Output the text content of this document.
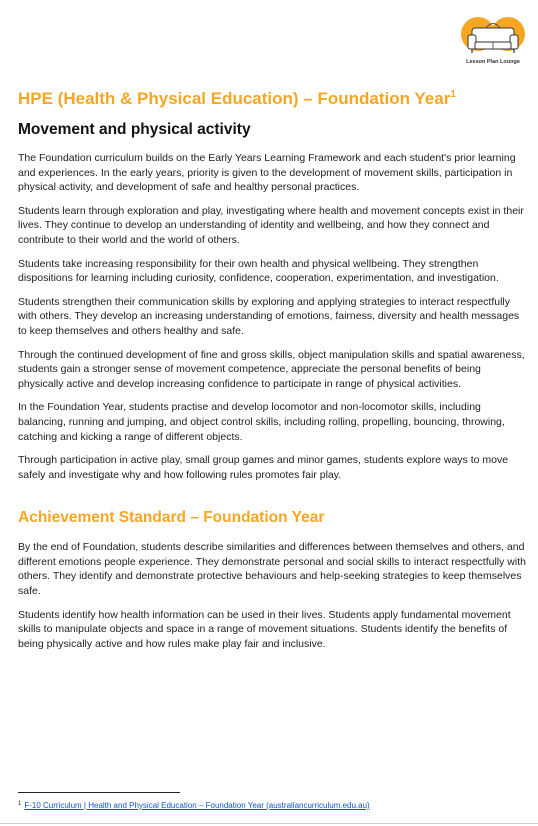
Lesson Plan Lounge
HPE (Health & Physical Education) – Foundation Year$^1$
Movement and physical activity

The Foundation curriculum builds on the Early Years Learning Framework and each student's prior learning and experiences. In the early years, priority is given to the development of movement skills, participation in physical activity, and development of safe and healthy personal practices.

Students learn through exploration and play, investigating where health and movement concepts exist in their lives. They continue to develop an understanding of identity and wellbeing, and how they connect and contribute to their world and the world of others.

Students take increasing responsibility for their own health and physical wellbeing. They strengthen dispositions for learning including curiosity, confidence, cooperation, experimentation, and investigation.

Students strengthen their communication skills by exploring and applying strategies to interact respectfully with others. They develop an increasing understanding of emotions, fairness, diversity and health messages to keep themselves and others healthy and safe.

Through the continued development of fine and gross skills, object manipulation skills and spatial awareness, students gain a stronger sense of movement competence, appreciate the personal benefits of being physically active and develop increasing confidence to participate in range of physical activities.

In the Foundation Year, students practise and develop locomotor and non-locomotor skills, including balancing, running and jumping, and object control skills, including rolling, propelling, bouncing, throwing, catching and kicking a range of different objects.

Through participation in active play, small group games and minor games, students explore ways to move safely and investigate why and how following rules promotes fair play.

Achievement Standard – Foundation Year

By the end of Foundation, students describe similarities and differences between themselves and others, and different emotions people experience. They demonstrate personal and social skills to interact respectfully with others. They identify and demonstrate protective behaviours and help-seeking strategies to keep themselves safe.

Students identify how health information can be used in their lives. Students apply fundamental movement skills to manipulate objects and space in a range of movement situations. Students identify the benefits of being physically active and how rules make play fair and inclusive.

$^1$ F-10 Curriculum | Health and Physical Education – Foundation Year (australiancurriculum.edu.au)
